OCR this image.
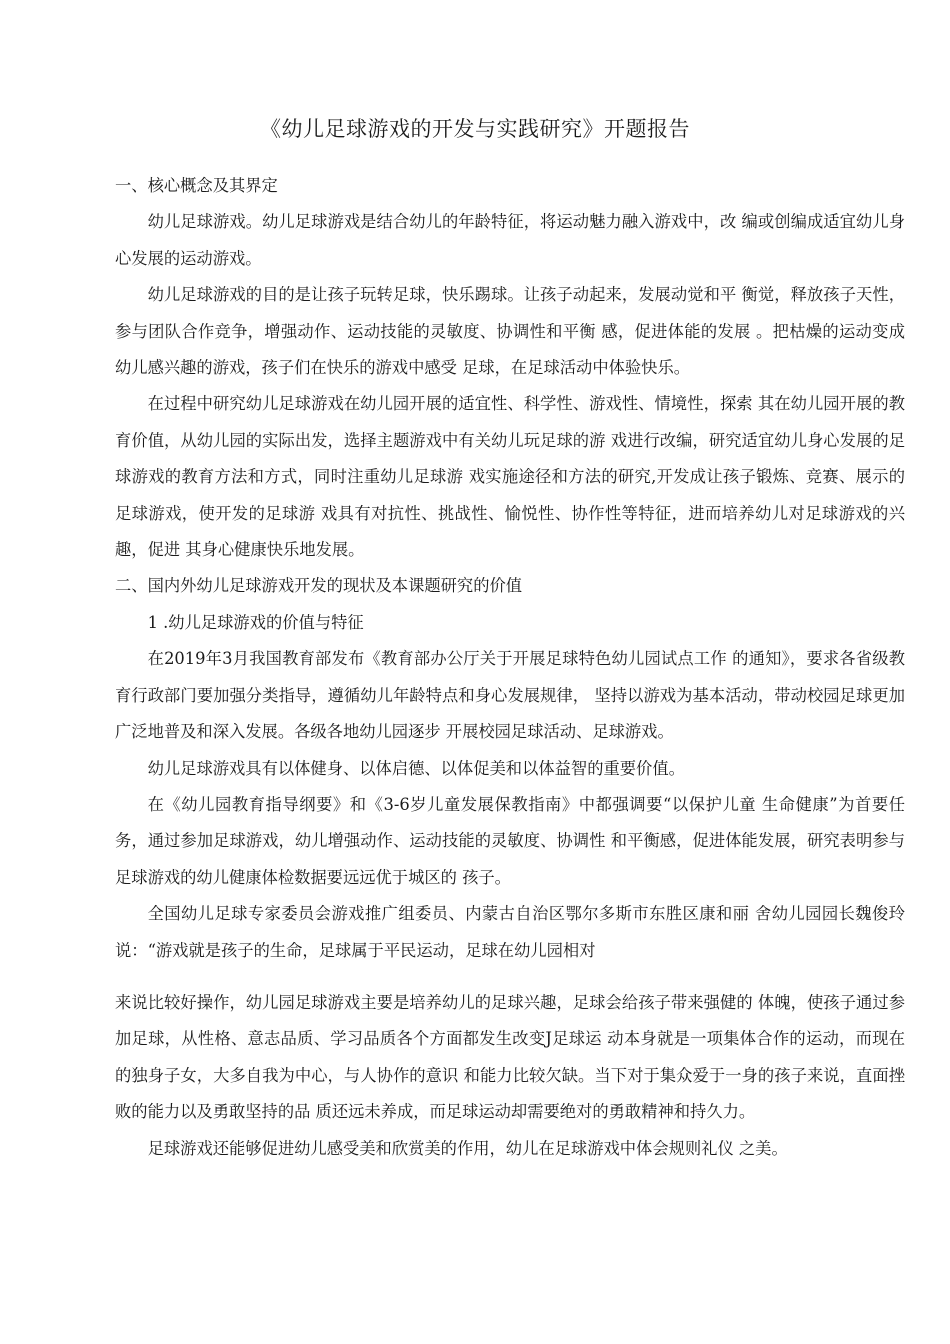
《幼儿足球游戏的开发与实践研究》开题报告

一、核心概念及其界定

幼儿足球游戏。幼儿足球游戏是结合幼儿的年龄特征，将运动魅力融入游戏中，改 编或创编成适宜幼儿身心发展的运动游戏。

幼儿足球游戏的目的是让孩子玩转足球，快乐踢球。让孩子动起来，发展动觉和平 衡觉，释放孩子天性，参与团队合作竞争，增强动作、运动技能的灵敏度、协调性和平衡 感，促进体能的发展 。把枯燥的运动变成幼儿感兴趣的游戏，孩子们在快乐的游戏中感受 足球，在足球活动中体验快乐。

在过程中研究幼儿足球游戏在幼儿园开展的适宜性、科学性、游戏性、情境性，探索 其在幼儿园开展的教育价值，从幼儿园的实际出发，选择主题游戏中有关幼儿玩足球的游 戏进行改编，研究适宜幼儿身心发展的足球游戏的教育方法和方式，同时注重幼儿足球游 戏实施途径和方法的研究,开发成让孩子锻炼、竞赛、展示的足球游戏，使开发的足球游 戏具有对抗性、挑战性、愉悦性、协作性等特征，进而培养幼儿对足球游戏的兴趣，促进 其身心健康快乐地发展。

二、国内外幼儿足球游戏开发的现状及本课题研究的价值

1 .幼儿足球游戏的价值与特征

在2019年3月我国教育部发布《教育部办公厅关于开展足球特色幼儿园试点工作 的通知》，要求各省级教育行政部门要加强分类指导，遵循幼儿年龄特点和身心发展规律， 坚持以游戏为基本活动，带动校园足球更加广泛地普及和深入发展。各级各地幼儿园逐步 开展校园足球活动、足球游戏。

幼儿足球游戏具有以体健身、以体启德、以体促美和以体益智的重要价值。

在《幼儿园教育指导纲要》和《3-6岁儿童发展保教指南》中都强调要“以保护儿童 生命健康”为首要任务，通过参加足球游戏，幼儿增强动作、运动技能的灵敏度、协调性 和平衡感，促进体能发展，研究表明参与足球游戏的幼儿健康体检数据要远远优于城区的 孩子。

全国幼儿足球专家委员会游戏推广组委员、内蒙古自治区鄂尔多斯市东胜区康和丽 舍幼儿园园长魏俊玲说：“游戏就是孩子的生命，足球属于平民运动，足球在幼儿园相对

来说比较好操作，幼儿园足球游戏主要是培养幼儿的足球兴趣，足球会给孩子带来强健的 体魄，使孩子通过参加足球，从性格、意志品质、学习品质各个方面都发生改变J足球运 动本身就是一项集体合作的运动，而现在的独身子女，大多自我为中心，与人协作的意识 和能力比较欠缺。当下对于集众爱于一身的孩子来说，直面挫败的能力以及勇敢坚持的品 质还远未养成，而足球运动却需要绝对的勇敢精神和持久力。

足球游戏还能够促进幼儿感受美和欣赏美的作用，幼儿在足球游戏中体会规则礼仪 之美。
